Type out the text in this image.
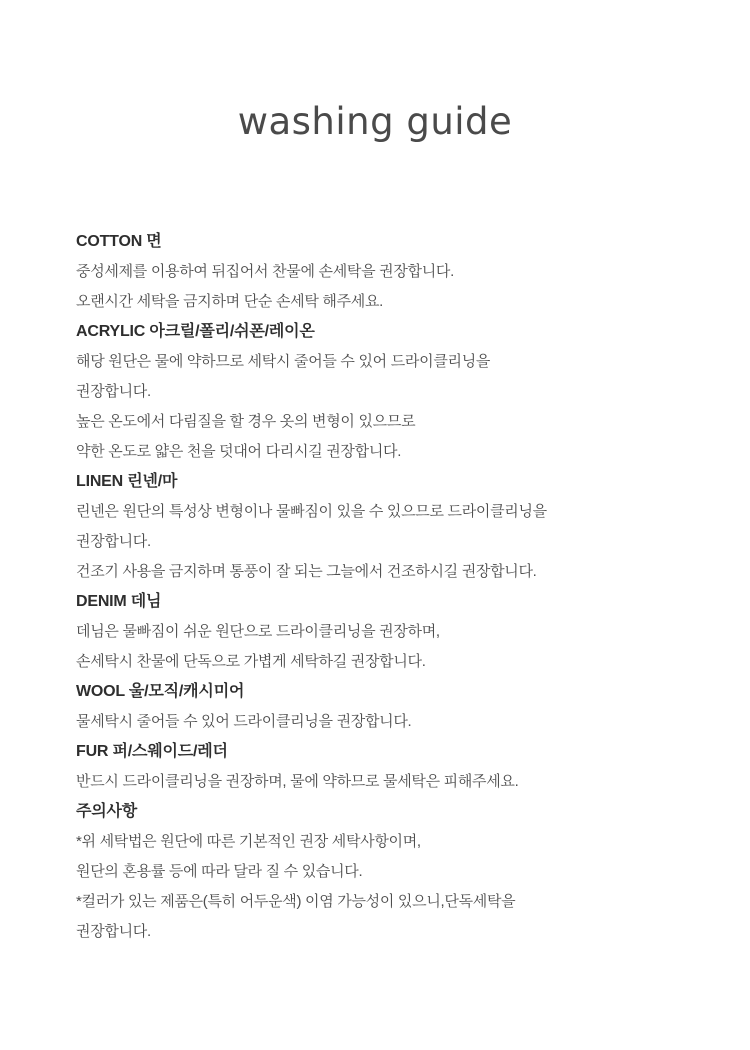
washing guide
COTTON 면
중성세제를 이용하여 뒤집어서 찬물에 손세탁을 권장합니다.
오랜시간 세탁을 금지하며 단순 손세탁 해주세요.
ACRYLIC 아크릴/폴리/쉬폰/레이온
해당 원단은 물에 약하므로 세탁시 줄어들 수 있어 드라이클리닝을
권장합니다.
높은 온도에서 다림질을 할 경우 옷의 변형이 있으므로
약한 온도로 얇은 천을 덧대어 다리시길 권장합니다.
LINEN 린넨/마
린넨은 원단의 특성상 변형이나 물빠짐이 있을 수 있으므로 드라이클리닝을
권장합니다.
건조기 사용을 금지하며 통풍이 잘 되는 그늘에서 건조하시길 권장합니다.
DENIM 데님
데님은 물빠짐이 쉬운 원단으로 드라이클리닝을 권장하며,
손세탁시 찬물에 단독으로 가볍게 세탁하길 권장합니다.
WOOL 울/모직/캐시미어
물세탁시 줄어들 수 있어 드라이클리닝을 권장합니다.
FUR 퍼/스웨이드/레더
반드시 드라이클리닝을 권장하며, 물에 약하므로 물세탁은 피해주세요.
주의사항
*위 세탁법은 원단에 따른 기본적인 권장 세탁사항이며,
원단의 혼용률 등에 따라 달라 질 수 있습니다.
*컬러가 있는 제품은(특히 어두운색) 이염 가능성이 있으니,단독세탁을
권장합니다.
